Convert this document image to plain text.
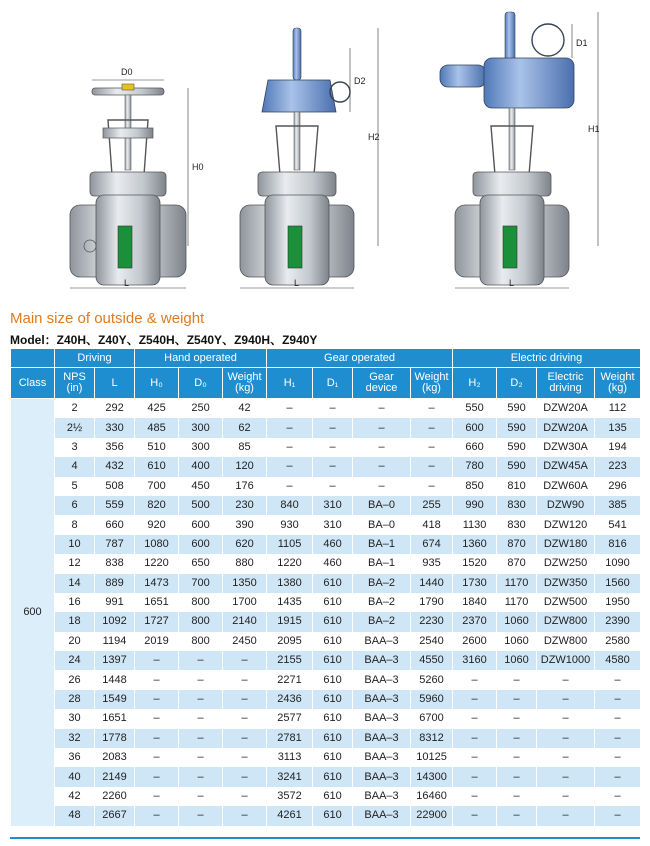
D0
H0
L
D2
H2
L
D1
H1
L
Main size of outside & weight
Model：Z40H、Z40Y、Z540H、Z540Y、Z940H、Z940Y
	Driving		Hand operated			Gear operated				Electric driving			
Class	NPS (in)	L	H₀	D₀	Weight (kg)	H₁	D₁	Gear device	Weight (kg)	H₂	D₂	Electric driving	Weight (kg)
600	2	292	425	250	42	–	–	–	–	550	590	DZW20A	112
	2½	330	485	300	62	–	–	–	–	600	590	DZW20A	135
	3	356	510	300	85	–	–	–	–	660	590	DZW30A	194
	4	432	610	400	120	–	–	–	–	780	590	DZW45A	223
	5	508	700	450	176	–	–	–	–	850	810	DZW60A	296
	6	559	820	500	230	840	310	BA–0	255	990	830	DZW90	385
	8	660	920	600	390	930	310	BA–0	418	1130	830	DZW120	541
	10	787	1080	600	620	1105	460	BA–1	674	1360	870	DZW180	816
	12	838	1220	650	880	1220	460	BA–1	935	1520	870	DZW250	1090
	14	889	1473	700	1350	1380	610	BA–2	1440	1730	1170	DZW350	1560
	16	991	1651	800	1700	1435	610	BA–2	1790	1840	1170	DZW500	1950
	18	1092	1727	800	2140	1915	610	BA–2	2230	2370	1060	DZW800	2390
	20	1194	2019	800	2450	2095	610	BAA–3	2540	2600	1060	DZW800	2580
	24	1397	–	–	–	2155	610	BAA–3	4550	3160	1060	DZW1000	4580
	26	1448	–	–	–	2271	610	BAA–3	5260	–	–	–	–
	28	1549	–	–	–	2436	610	BAA–3	5960	–	–	–	–
	30	1651	–	–	–	2577	610	BAA–3	6700	–	–	–	–
	32	1778	–	–	–	2781	610	BAA–3	8312	–	–	–	–
	36	2083	–	–	–	3113	610	BAA–3	10125	–	–	–	–
	40	2149	–	–	–	3241	610	BAA–3	14300	–	–	–	–
	42	2260	–	–	–	3572	610	BAA–3	16460	–	–	–	–
	48	2667	–	–	–	4261	610	BAA–3	22900	–	–	–	–
